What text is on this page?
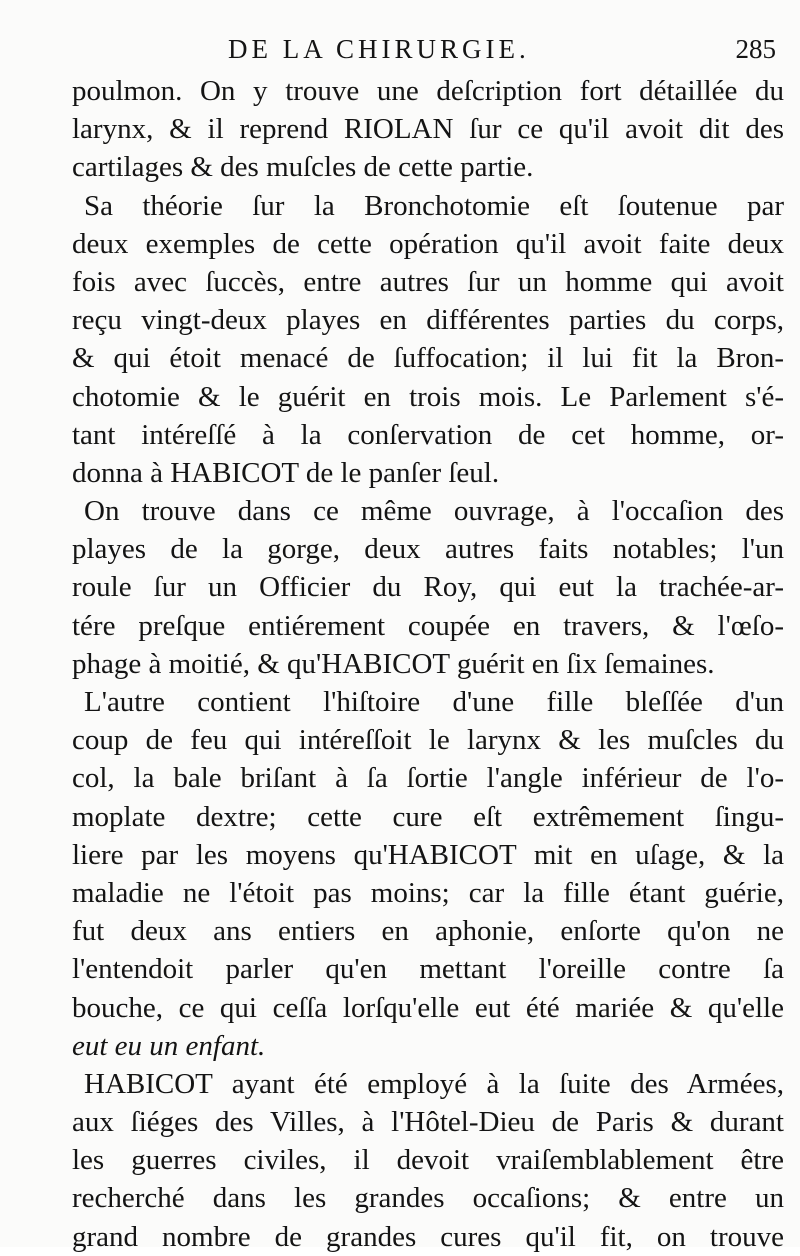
DE LA CHIRURGIE.	285
poulmon. On y trouve une deſcription fort détaillée du
larynx, & il reprend RIOLAN ſur ce qu'il avoit dit des
cartilages & des muſcles de cette partie.
Sa théorie ſur la Bronchotomie eſt ſoutenue par
deux exemples de cette opération qu'il avoit faite deux
fois avec ſuccès, entre autres ſur un homme qui avoit
reçu vingt-deux playes en différentes parties du corps,
& qui étoit menacé de ſuffocation; il lui fit la Bron-
chotomie & le guérit en trois mois. Le Parlement s'é-
tant intéreſſé à la conſervation de cet homme, or-
donna à HABICOT de le panſer ſeul.
On trouve dans ce même ouvrage, à l'occaſion des
playes de la gorge, deux autres faits notables; l'un
roule ſur un Officier du Roy, qui eut la trachée-ar-
tére preſque entiérement coupée en travers, & l'œſo-
phage à moitié, & qu'HABICOT guérit en ſix ſemaines.
L'autre contient l'hiſtoire d'une fille bleſſée d'un
coup de feu qui intéreſſoit le larynx & les muſcles du
col, la bale briſant à ſa ſortie l'angle inférieur de l'o-
moplate dextre; cette cure eſt extrêmement ſingu-
liere par les moyens qu'HABICOT mit en uſage, & la
maladie ne l'étoit pas moins; car la fille étant guérie,
fut deux ans entiers en aphonie, enſorte qu'on ne
l'entendoit parler qu'en mettant l'oreille contre ſa
bouche, ce qui ceſſa lorſqu'elle eut été mariée & qu'elle
eut eu un enfant.
HABICOT ayant été employé à la ſuite des Armées,
aux ſiéges des Villes, à l'Hôtel-Dieu de Paris & durant
les guerres civiles, il devoit vraiſemblablement être
recherché dans les grandes occaſions; & entre un
grand nombre de grandes cures qu'il fit, on trouve
